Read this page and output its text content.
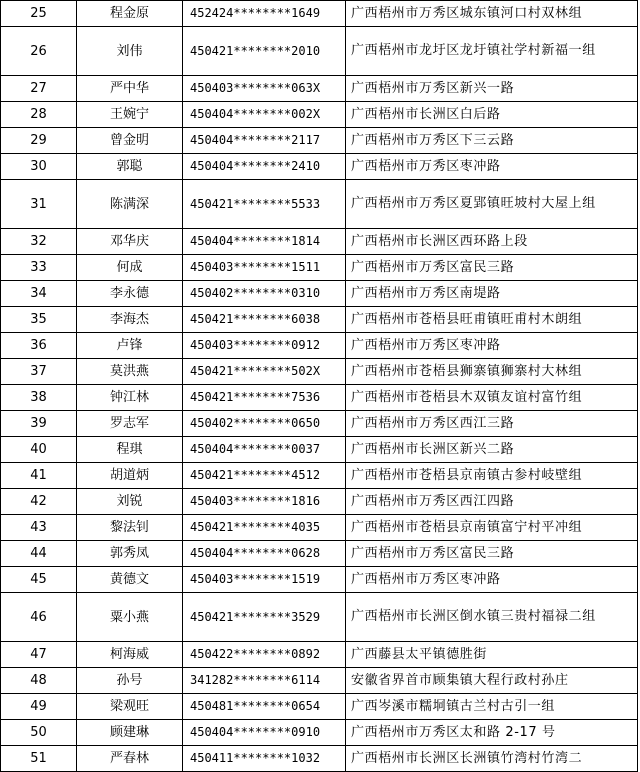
25	程金原	452424********1649	广西梧州市万秀区城东镇河口村双林组
26	刘伟	450421********2010	广西梧州市龙圩区龙圩镇社学村新福一组
27	严中华	450403********063X	广西梧州市万秀区新兴一路
28	王婉宁	450404********002X	广西梧州市长洲区白后路
29	曾金明	450404********2117	广西梧州市万秀区下三云路
30	郭聪	450404********2410	广西梧州市万秀区枣冲路
31	陈满深	450421********5533	广西梧州市万秀区夏郢镇旺坡村大屋上组
32	邓华庆	450404********1814	广西梧州市长洲区西环路上段
33	何成	450403********1511	广西梧州市万秀区富民三路
34	李永德	450402********0310	广西梧州市万秀区南堤路
35	李海杰	450421********6038	广西梧州市苍梧县旺甫镇旺甫村木朗组
36	卢锋	450403********0912	广西梧州市万秀区枣冲路
37	莫洪燕	450421********502X	广西梧州市苍梧县狮寨镇狮寨村大林组
38	钟江林	450421********7536	广西梧州市苍梧县木双镇友谊村富竹组
39	罗志军	450402********0650	广西梧州市万秀区西江三路
40	程琪	450404********0037	广西梧州市长洲区新兴二路
41	胡道炳	450421********4512	广西梧州市苍梧县京南镇古参村岐壁组
42	刘锐	450403********1816	广西梧州市万秀区西江四路
43	黎法钊	450421********4035	广西梧州市苍梧县京南镇富宁村平冲组
44	郭秀凤	450404********0628	广西梧州市万秀区富民三路
45	黄德文	450403********1519	广西梧州市万秀区枣冲路
46	粟小燕	450421********3529	广西梧州市长洲区倒水镇三贵村福禄二组
47	柯海威	450422********0892	广西藤县太平镇德胜街
48	孙号	341282********6114	安徽省界首市顾集镇大程行政村孙庄
49	梁观旺	450481********0654	广西岑溪市糯垌镇古兰村古引一组
50	顾建琳	450404********0910	广西梧州市万秀区太和路 2-17 号
51	严春林	450411********1032	广西梧州市长洲区长洲镇竹湾村竹湾二
